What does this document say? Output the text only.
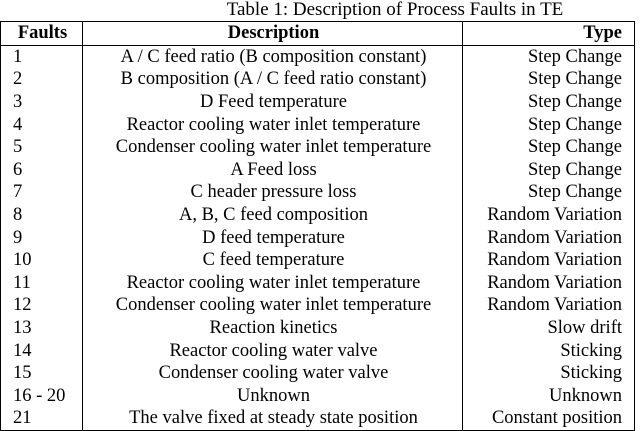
Table 1: Description of Process Faults in TE
Faults	Description	Type
1	A / C feed ratio (B composition constant)	Step Change
2	B composition (A / C feed ratio constant)	Step Change
3	D Feed temperature	Step Change
4	Reactor cooling water inlet temperature	Step Change
5	Condenser cooling water inlet temperature	Step Change
6	A Feed loss	Step Change
7	C header pressure loss	Step Change
8	A, B, C feed composition	Random Variation
9	D feed temperature	Random Variation
10	C feed temperature	Random Variation
11	Reactor cooling water inlet temperature	Random Variation
12	Condenser cooling water inlet temperature	Random Variation
13	Reaction kinetics	Slow drift
14	Reactor cooling water valve	Sticking
15	Condenser cooling water valve	Sticking
16 - 20	Unknown	Unknown
21	The valve fixed at steady state position	Constant position
